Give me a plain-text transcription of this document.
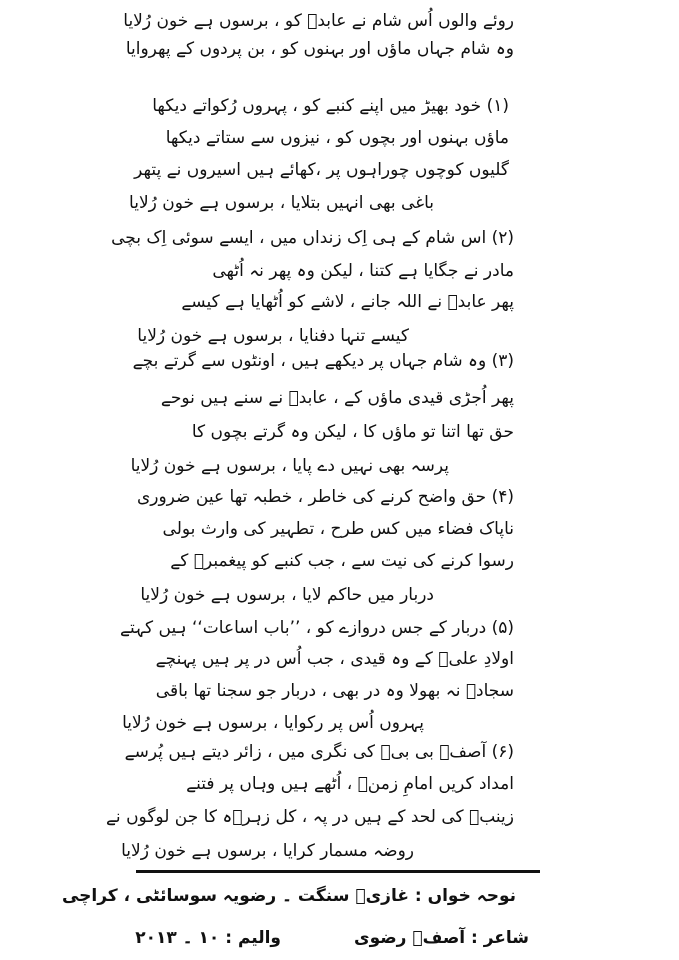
روئے والوں اُس شام نے عابدؑ کو ، برسوں ہے خون رُلایا
وہ شام جہاں ماؤں اور بہنوں کو ، بن پردوں کے پھروایا
(۱) خود بھیڑ میں اپنے کنبے کو ، پہروں رُکواتے دیکھا
ماؤں بہنوں اور بچوں کو ، نیزوں سے ستاتے دیکھا
گلیوں کوچوں چوراہوں پر ،کھائے ہیں اسیروں نے پتھر
باغی بھی انہیں بتلایا ، برسوں ہے خون رُلایا
(۲) اس شام کے ہی اِک زنداں میں ، ایسے سوئی اِک بچی
مادر نے جگایا ہے کتنا ، لیکن وہ پھر نہ اُٹھی
پھر عابدؑ نے اللہ جانے ، لاشے کو اُٹھایا ہے کیسے
کیسے تنہا دفنایا ، برسوں ہے خون رُلایا
(۳) وہ شام جہاں پر دیکھے ہیں ، اونٹوں سے گرتے بچے
پھر اُجڑی قیدی ماؤں کے ، عابدؑ نے سنے ہیں نوحے
حق تھا اتنا تو ماؤں کا ، لیکن وہ گرتے بچوں کا
پرسہ بھی نہیں دے پایا ، برسوں ہے خون رُلایا
(۴) حق واضح کرنے کی خاطر ، خطبہ تھا عین ضروری
ناپاک فضاء میں کس طرح ، تطہیر کی وارث بولی
رسوا کرنے کی نیت سے ، جب کنبے کو پیغمبرؐ کے
دربار میں حاکم لایا ، برسوں ہے خون رُلایا
(۵) دربار کے جس دروازے کو ، ’’باب اساعات‘‘ ہیں کہتے
اولادِ علیؑ کے وہ قیدی ، جب اُس در پر ہیں پہنچے
سجادؑ نہ بھولا وہ در بھی ، دربار جو سجنا تھا باقی
پہروں اُس پر رکوایا ، برسوں ہے خون رُلایا
(۶) آصفؔ بی بیؑ کی نگری میں ، زائر دیتے ہیں پُرسے
امداد کریں امامِ زمنؑ ، اُٹھے ہیں وہاں پر فتنے
زینبؑ کی لحد کے ہیں در پہ ، کل زہرؑہ کا جن لوگوں نے
روضہ مسمار کرایا ، برسوں ہے خون رُلایا
نوحہ خواں : غازیؑ سنگت ۔ رضویہ سوسائٹی ، کراچی
شاعر : آصفؔ رضوی
والیم : ۱۰ ۔ ۲۰۱۳
